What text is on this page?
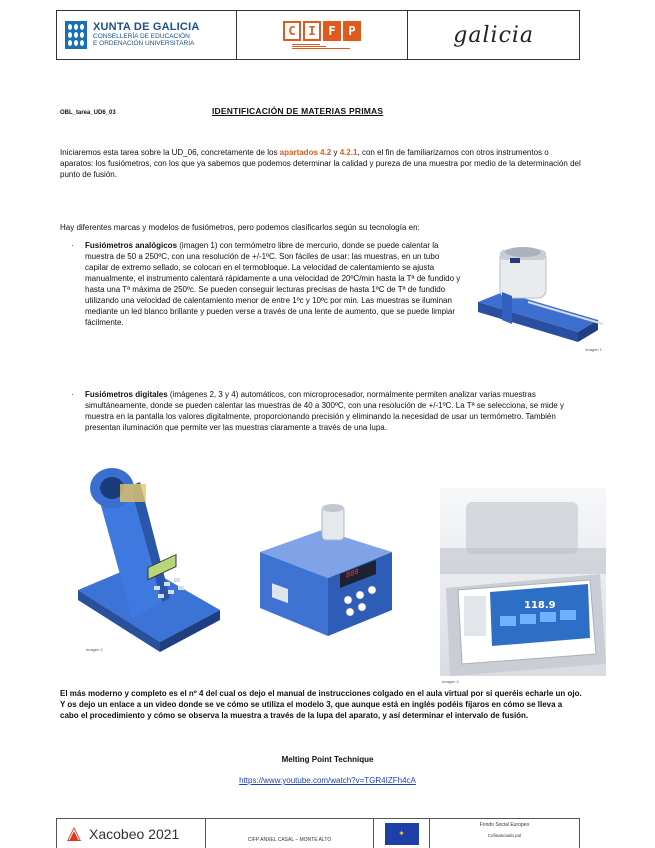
XUNTA DE GALICIA
CONSELLERÍA DE EDUCACIÓN
E ORDENACIÓN UNIVERSITARIA
C	I	F	P	galicia
OBL_tarea_UD6_03	IDENTIFICACIÓN DE MATERIAS PRIMAS
Iniciaremos esta tarea sobre la UD_06, concretamente de los apartados 4.2 y 4.2.1, con el fin de familiarizarnos con otros instrumentos o aparatos: los fusiómetros, con los que ya sabemos que podemos determinar la calidad y pureza de una muestra por medio de la determinación del punto de fusión.
Hay diferentes marcas y modelos de fusiómetros, pero podemos clasificarlos según su tecnología en:
· Fusiómetros analógicos (imagen 1) con termómetro libre de mercurio, donde se puede calentar la muestra de 50 a 250ºC, con una resolución de +/-1ºC. Son fáciles de usar: las muestras, en un tubo capilar de extremo sellado, se colocan en el termobloque. La velocidad de calentamiento se ajusta manualmente, el instrumento calentará rápidamente a una velocidad de 20ºC/min hasta la Tª de fundido y hasta una Tª máxima de 250ºc. Se pueden conseguir lecturas precisas de hasta 1ºC de Tª de fundido utilizando una velocidad de calentamiento menor de entre 1ºc y 10ºc por min. Las muestras se iluminan mediante un led blanco brillante y pueden verse a través de una lente de aumento, que se puede limpiar fácilmente.
Imagen 1
· Fusiómetros digitales (imágenes 2, 3 y 4) automáticos, con microprocesador, normalmente permiten analizar varias muestras simultáneamente, donde se pueden calentar las muestras de 40 a 300ºC, con una resolución de +/-1ºC. La Tª se selecciona, se mide y muestra en la pantalla los valores digitalmente, proporcionando precisión y eliminando la necesidad de usar un termómetro. También presentan iluminación que permite ver las muestras claramente a través de una lupa.
Imagen 2
888
118.9
Imagen 4
El más moderno y completo es el nº 4 del cual os dejo el manual de instrucciones colgado en el aula virtual por si queréis echarle un ojo. Y os dejo un enlace a un video donde se ve cómo se utiliza el modelo 3, que aunque está en inglés podéis fijaros en cómo se lleva a cabo el procedimiento y cómo se observa la muestra a través de la lupa del aparato, y así determinar el intervalo de fusión.
Melting Point Technique
https://www.youtube.com/watch?v=TGR4IZFh4cA
Xacobeo 2021	CIFP ANXEL CASAL – MONTE ALTO
✦
Fondo Social Europeo
Cofinanciado pol
